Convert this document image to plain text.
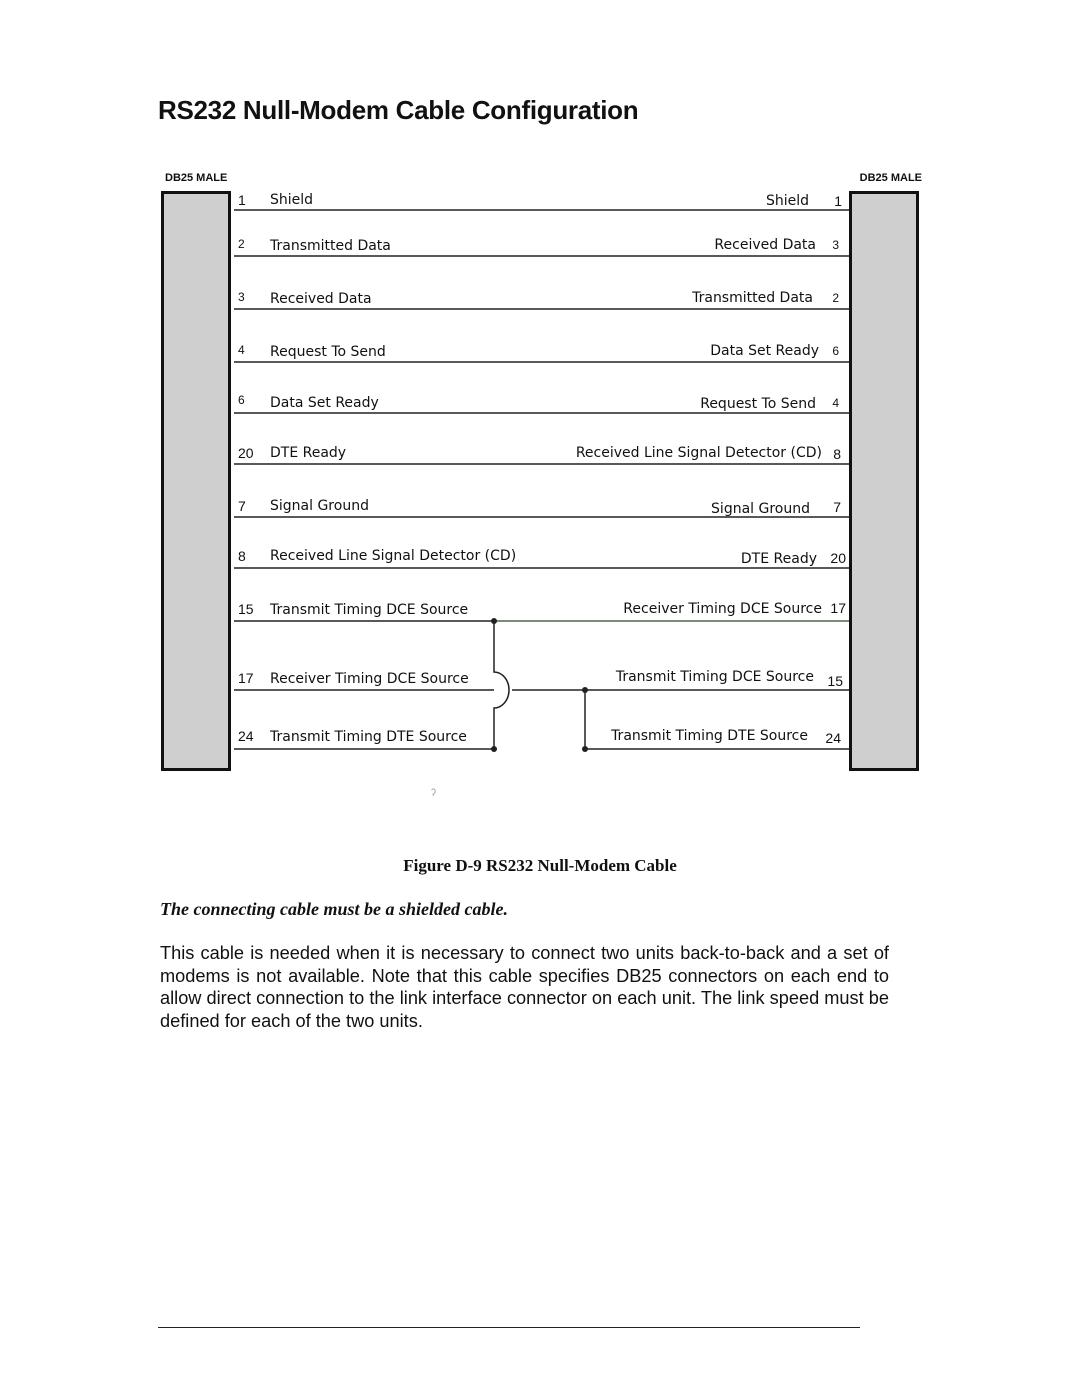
RS232 Null-Modem Cable Configuration
DB25 MALE	DB25 MALE
1 Shield	Shield 1
2 Transmitted Data	Received Data 3
3 Received Data	Transmitted Data 2
4 Request To Send	Data Set Ready 6
6 Data Set Ready	Request To Send 4
20 DTE Ready	Received Line Signal Detector (CD) 8
7 Signal Ground	Signal Ground 7
8 Received Line Signal Detector (CD)	DTE Ready 20
15 Transmit Timing DCE Source	Receiver Timing DCE Source 17
17 Receiver Timing DCE Source	Transmit Timing DCE Source 15
24 Transmit Timing DTE Source	Transmit Timing DTE Source 24
ʔ
Figure D-9 RS232 Null-Modem Cable
The connecting cable must be a shielded cable.

This cable is needed when it is necessary to connect two units back-to-back and a set of modems is not available. Note that this cable specifies DB25 connectors on each end to allow direct connection to the link interface connector on each unit. The link speed must be defined for each of the two units.
